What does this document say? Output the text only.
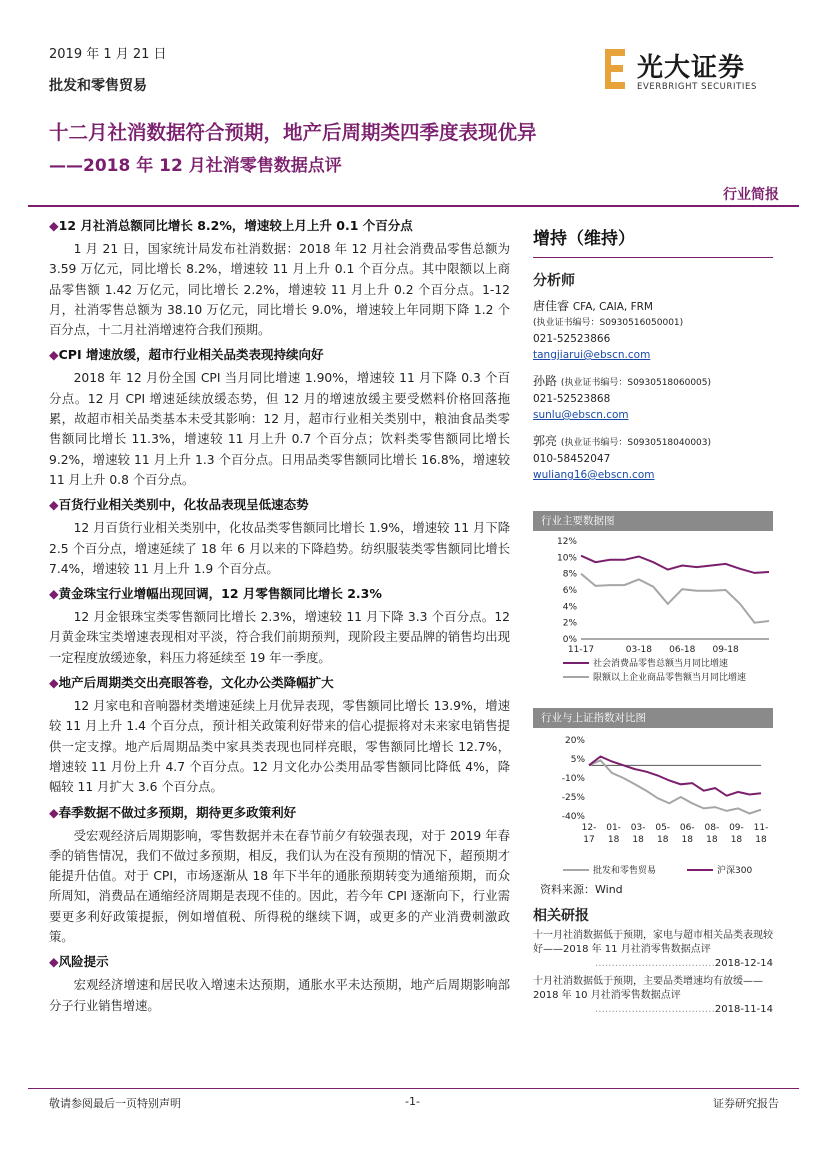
2019 年 1 月 21 日
批发和零售贸易
光大证券
EVERBRIGHT SECURITIES
十二月社消数据符合预期，地产后周期类四季度表现优异
——2018 年 12 月社消零售数据点评
行业简报
◆12 月社消总额同比增长 8.2%，增速较上月上升 0.1 个百分点

1 月 21 日，国家统计局发布社消数据：2018 年 12 月社会消费品零售总额为 3.59 万亿元，同比增长 8.2%，增速较 11 月上升 0.1 个百分点。其中限额以上商品零售额 1.42 万亿元，同比增长 2.2%，增速较 11 月上升 0.2 个百分点。1-12 月，社消零售总额为 38.10 万亿元，同比增长 9.0%，增速较上年同期下降 1.2 个百分点，十二月社消增速符合我们预期。

◆CPI 增速放缓，超市行业相关品类表现持续向好

2018 年 12 月份全国 CPI 当月同比增速 1.90%，增速较 11 月下降 0.3 个百分点。12 月 CPI 增速延续放缓态势，但 12 月的增速放缓主要受燃料价格回落拖累，故超市相关品类基本未受其影响：12 月，超市行业相关类别中，粮油食品类零售额同比增长 11.3%，增速较 11 月上升 0.7 个百分点；饮料类零售额同比增长 9.2%，增速较 11 月上升 1.3 个百分点。日用品类零售额同比增长 16.8%，增速较 11 月上升 0.8 个百分点。

◆百货行业相关类别中，化妆品表现呈低速态势

12 月百货行业相关类别中，化妆品类零售额同比增长 1.9%，增速较 11 月下降 2.5 个百分点，增速延续了 18 年 6 月以来的下降趋势。纺织服装类零售额同比增长 7.4%，增速较 11 月上升 1.9 个百分点。

◆黄金珠宝行业增幅出现回调，12 月零售额同比增长 2.3%

12 月金银珠宝类零售额同比增长 2.3%，增速较 11 月下降 3.3 个百分点。12 月黄金珠宝类增速表现相对平淡，符合我们前期预判，现阶段主要品牌的销售均出现一定程度放缓迹象，料压力将延续至 19 年一季度。

◆地产后周期类交出亮眼答卷，文化办公类降幅扩大

12 月家电和音响器材类增速延续上月优异表现，零售额同比增长 13.9%，增速较 11 月上升 1.4 个百分点，预计相关政策利好带来的信心提振将对未来家电销售提供一定支撑。地产后周期品类中家具类表现也同样亮眼，零售额同比增长 12.7%，增速较 11 月份上升 4.7 个百分点。12 月文化办公类用品零售额同比降低 4%，降幅较 11 月扩大 3.6 个百分点。

◆春季数据不做过多预期，期待更多政策利好

受宏观经济后周期影响，零售数据并未在春节前夕有较强表现，对于 2019 年春季的销售情况，我们不做过多预期，相反，我们认为在没有预期的情况下，超预期才能提升估值。对于 CPI，市场逐渐从 18 年下半年的通胀预期转变为通缩预期，而众所周知，消费品在通缩经济周期是表现不佳的。因此，若今年 CPI 逐渐向下，行业需要更多利好政策提振，例如增值税、所得税的继续下调，或更多的产业消费刺激政策。

◆风险提示

宏观经济增速和居民收入增速未达预期，通胀水平未达预期，地产后周期影响部分子行业销售增速。

增持（维持）
分析师
唐佳睿 CFA, CAIA, FRM
(执业证书编号：S0930516050001)
021-52523866
tangjiarui@ebscn.com
孙路 (执业证书编号：S0930518060005)
021-52523868
sunlu@ebscn.com
郭亮 (执业证书编号：S0930518040003)
010-58452047
wuliang16@ebscn.com
行业主要数据图
12%
10%
8%
6%
4%
2%
0%
11-17	03-18 06-18 09-18
社会消费品零售总额当月同比增速
限额以上企业商品零售额当月同比增速
行业与上证指数对比图
20%
5%
-10%
-25%
-40%
12-
17
01-
18
03-
18
05-
18
06-
18
08-
18
09-
18
11-
18
批发和零售贸易	沪深300
资料来源：Wind
相关研报
十一月社消数据低于预期，家电与超市相关品类表现较好——2018 年 11 月社消零售数据点评
………………………………2018-12-14
十月社消数据低于预期，主要品类增速均有放缓——2018 年 10 月社消零售数据点评
………………………………2018-11-14
敬请参阅最后一页特别声明	-1-	证券研究报告
